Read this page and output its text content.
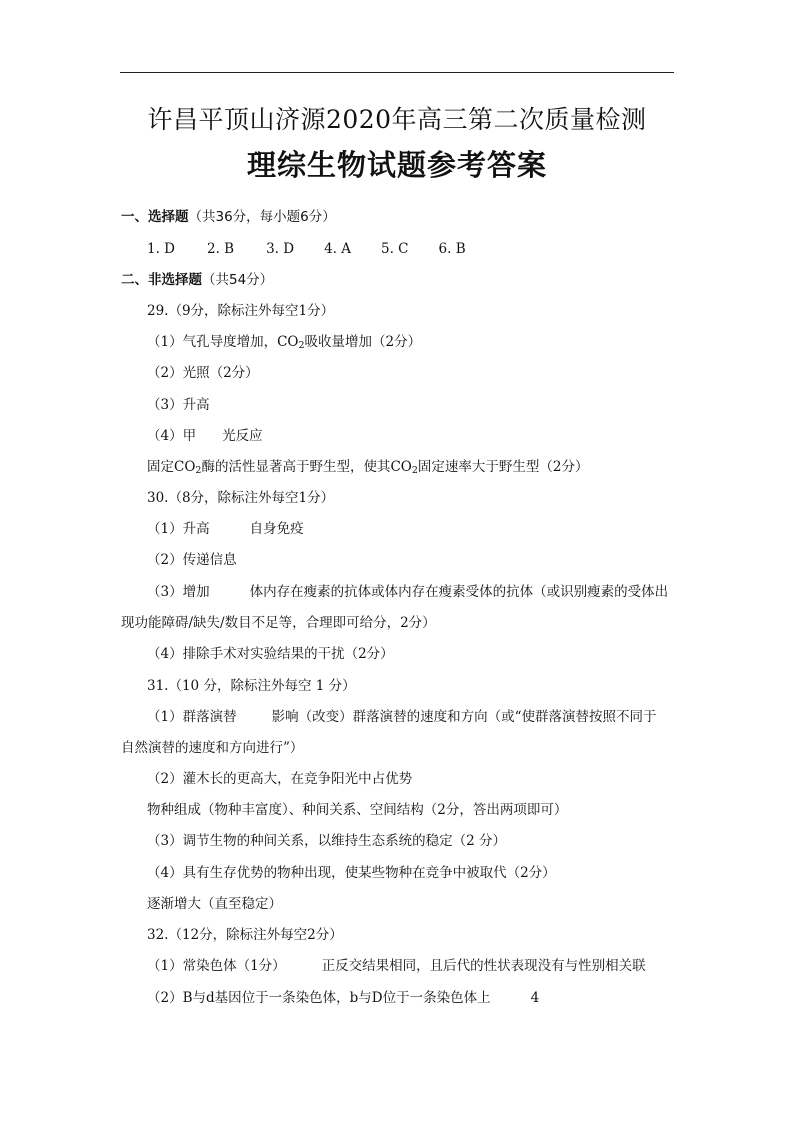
许昌平顶山济源2020年高三第二次质量检测
理综生物试题参考答案
一、选择题（共36分，每小题6分）
1. D 2. B 3. D 4. A 5. C 6. B
二、非选择题（共54分）
29.（9分，除标注外每空1分）
（1）气孔导度增加，$CO_2$吸收量增加（2分）
（2）光照（2分）
（3）升高
（4）甲 光反应
固定$CO_2$酶的活性显著高于野生型，使其$CO_2$固定速率大于野生型（2分）
30.（8分，除标注外每空1分）
（1）升高	自身免疫
（2）传递信息
（3）增加	体内存在瘦素的抗体或体内存在瘦素受体的抗体（或识别瘦素的受体出
现功能障碍/缺失/数目不足等，合理即可给分，2分）
（4）排除手术对实验结果的干扰（2分）
31.（10 分，除标注外每空 1 分）
（1）群落演替	影响（改变）群落演替的速度和方向（或“使群落演替按照不同于
自然演替的速度和方向进行”）
（2）灌木长的更高大，在竞争阳光中占优势
物种组成（物种丰富度）、种间关系、空间结构（2分，答出两项即可）
（3）调节生物的种间关系，以维持生态系统的稳定（2 分）
（4）具有生存优势的物种出现，使某些物种在竞争中被取代（2分）
逐渐增大（直至稳定）
32.（12分，除标注外每空2分）
（1）常染色体（1分）	正反交结果相同，且后代的性状表现没有与性别相关联
（2）B与d基因位于一条染色体，b与D位于一条染色体上	4
